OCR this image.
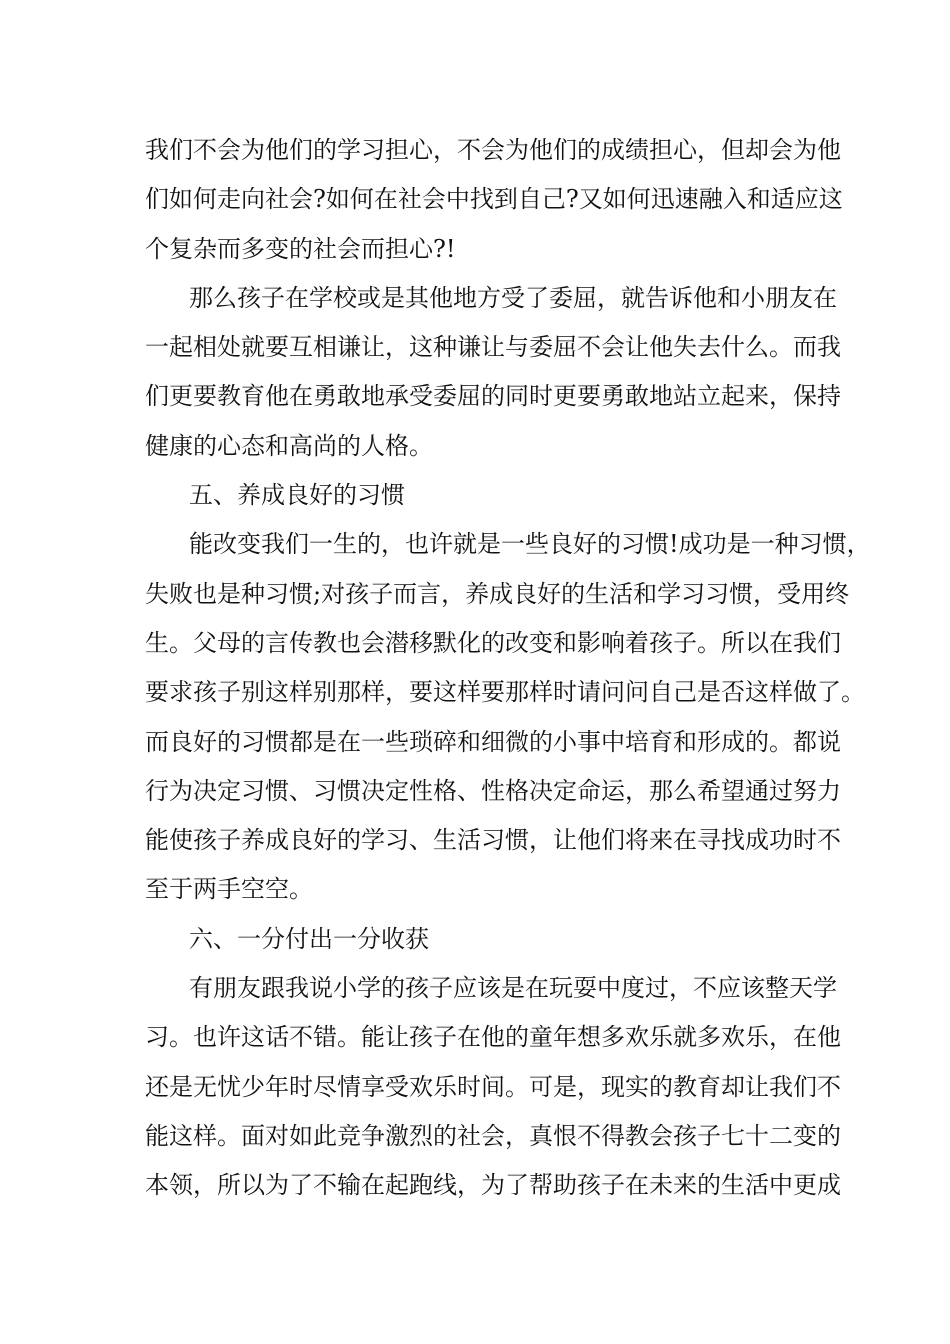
我们不会为他们的学习担心，不会为他们的成绩担心，但却会为他
们如何走向社会?如何在社会中找到自己?又如何迅速融入和适应这
个复杂而多变的社会而担心?!
那么孩子在学校或是其他地方受了委屈，就告诉他和小朋友在
一起相处就要互相谦让，这种谦让与委屈不会让他失去什么。而我
们更要教育他在勇敢地承受委屈的同时更要勇敢地站立起来，保持
健康的心态和高尚的人格。
五、养成良好的习惯
能改变我们一生的，也许就是一些良好的习惯!成功是一种习惯，
失败也是种习惯;对孩子而言，养成良好的生活和学习习惯，受用终
生。父母的言传教也会潜移默化的改变和影响着孩子。所以在我们
要求孩子别这样别那样，要这样要那样时请问问自己是否这样做了。
而良好的习惯都是在一些琐碎和细微的小事中培育和形成的。都说
行为决定习惯、习惯决定性格、性格决定命运，那么希望通过努力
能使孩子养成良好的学习、生活习惯，让他们将来在寻找成功时不
至于两手空空。
六、一分付出一分收获
有朋友跟我说小学的孩子应该是在玩耍中度过，不应该整天学
习。也许这话不错。能让孩子在他的童年想多欢乐就多欢乐，在他
还是无忧少年时尽情享受欢乐时间。可是，现实的教育却让我们不
能这样。面对如此竞争激烈的社会，真恨不得教会孩子七十二变的
本领，所以为了不输在起跑线，为了帮助孩子在未来的生活中更成
